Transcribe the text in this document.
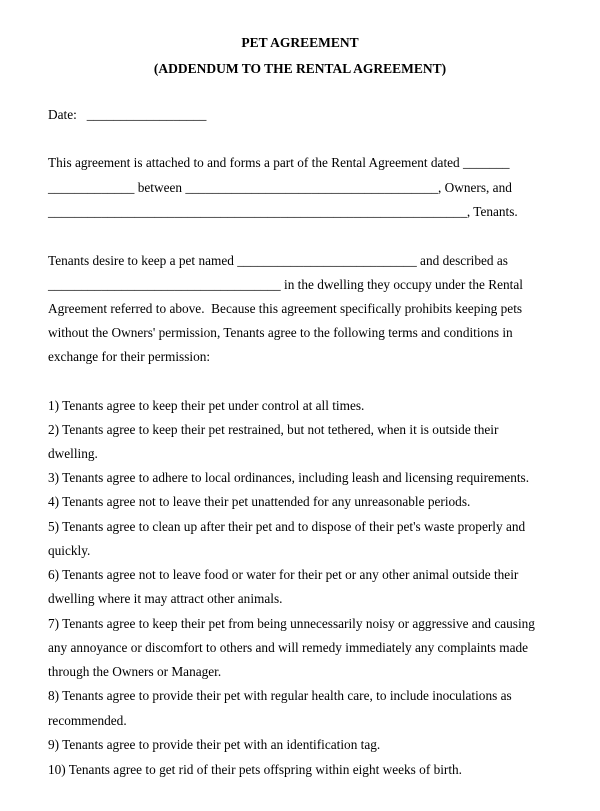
PET AGREEMENT
(ADDENDUM TO THE RENTAL AGREEMENT)
Date:   __________________
This agreement is attached to and forms a part of the Rental Agreement dated _______
_____________ between ______________________________________, Owners, and
_______________________________________________________________, Tenants.
Tenants desire to keep a pet named ___________________________ and described as
___________________________________ in the dwelling they occupy under the Rental
Agreement referred to above.  Because this agreement specifically prohibits keeping pets
without the Owners' permission, Tenants agree to the following terms and conditions in
exchange for their permission:
1) Tenants agree to keep their pet under control at all times.
2) Tenants agree to keep their pet restrained, but not tethered, when it is outside their
dwelling.
3) Tenants agree to adhere to local ordinances, including leash and licensing requirements.
4) Tenants agree not to leave their pet unattended for any unreasonable periods.
5) Tenants agree to clean up after their pet and to dispose of their pet's waste properly and
quickly.
6) Tenants agree not to leave food or water for their pet or any other animal outside their
dwelling where it may attract other animals.
7) Tenants agree to keep their pet from being unnecessarily noisy or aggressive and causing
any annoyance or discomfort to others and will remedy immediately any complaints made
through the Owners or Manager.
8) Tenants agree to provide their pet with regular health care, to include inoculations as
recommended.
9) Tenants agree to provide their pet with an identification tag.
10) Tenants agree to get rid of their pets offspring within eight weeks of birth.
